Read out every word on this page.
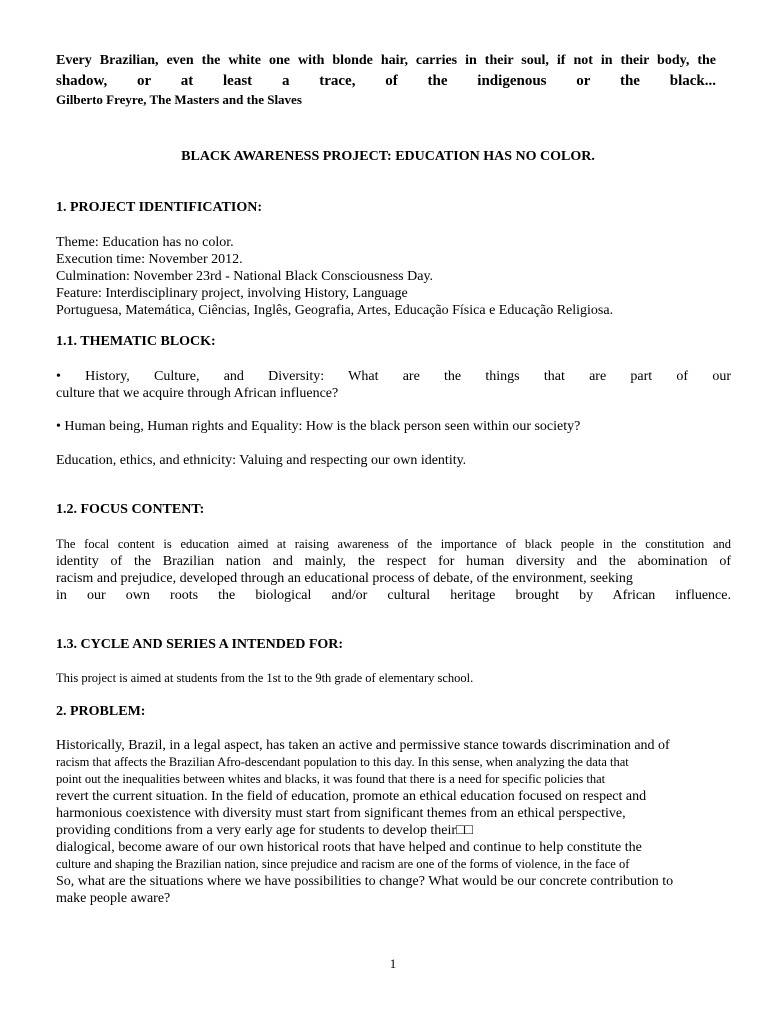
Every Brazilian, even the white one with blonde hair, carries in their soul, if not in their body, the
shadow, or at least a trace, of the indigenous or the black...
Gilberto Freyre, The Masters and the Slaves
BLACK AWARENESS PROJECT: EDUCATION HAS NO COLOR.
1. PROJECT IDENTIFICATION:
Theme: Education has no color.
Execution time: November 2012.
Culmination: November 23rd - National Black Consciousness Day.
Feature: Interdisciplinary project, involving History, Language
Portuguesa, Matemática, Ciências, Inglês, Geografia, Artes, Educação Física e Educação Religiosa.
1.1. THEMATIC BLOCK:
• History, Culture, and Diversity: What are the things that are part of our
culture that we acquire through African influence?
• Human being, Human rights and Equality: How is the black person seen within our society?
Education, ethics, and ethnicity: Valuing and respecting our own identity.
1.2. FOCUS CONTENT:
The focal content is education aimed at raising awareness of the importance of black people in the constitution and
identity of the Brazilian nation and mainly, the respect for human diversity and the abomination of
racism and prejudice, developed through an educational process of debate, of the environment, seeking
in our own roots the biological and/or cultural heritage brought by African influence.
1.3. CYCLE AND SERIES A INTENDED FOR:
This project is aimed at students from the 1st to the 9th grade of elementary school.
2. PROBLEM:
Historically, Brazil, in a legal aspect, has taken an active and permissive stance towards discrimination and of
racism that affects the Brazilian Afro-descendant population to this day. In this sense, when analyzing the data that
point out the inequalities between whites and blacks, it was found that there is a need for specific policies that
revert the current situation. In the field of education, promote an ethical education focused on respect and
harmonious coexistence with diversity must start from significant themes from an ethical perspective,
providing conditions from a very early age for students to develop their□□
dialogical, become aware of our own historical roots that have helped and continue to help constitute the
culture and shaping the Brazilian nation, since prejudice and racism are one of the forms of violence, in the face of
So, what are the situations where we have possibilities to change? What would be our concrete contribution to
make people aware?
1
